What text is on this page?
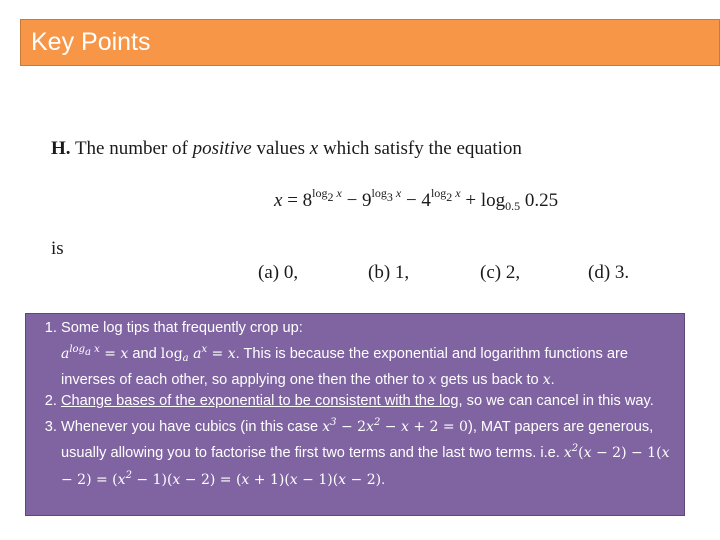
Key Points
H. The number of positive values x which satisfy the equation
$x = 8^{log_2 x} - 9^{log_3 x} - 4^{log_2 x} + \log_{0.5} 0.25$
is
(a) 0,	(b) 1,	(c) 2,	(d) 3.
1. Some log tips that frequently crop up:
$a^{log_a x} = x$ and $\log_a a^x = x$. This is because the exponential and logarithm functions are inverses of each other, so applying one then the other to x gets us back to x.
2. Change bases of the exponential to be consistent with the log, so we can cancel in this way.
3. Whenever you have cubics (in this case $x^3 - 2x^2 - x + 2 = 0$), MAT papers are generous, usually allowing you to factorise the first two terms and the last two terms. i.e. $x^2(x - 2) - 1(x - 2) = (x^2 - 1)(x - 2) = (x + 1)(x - 1)(x - 2)$.
